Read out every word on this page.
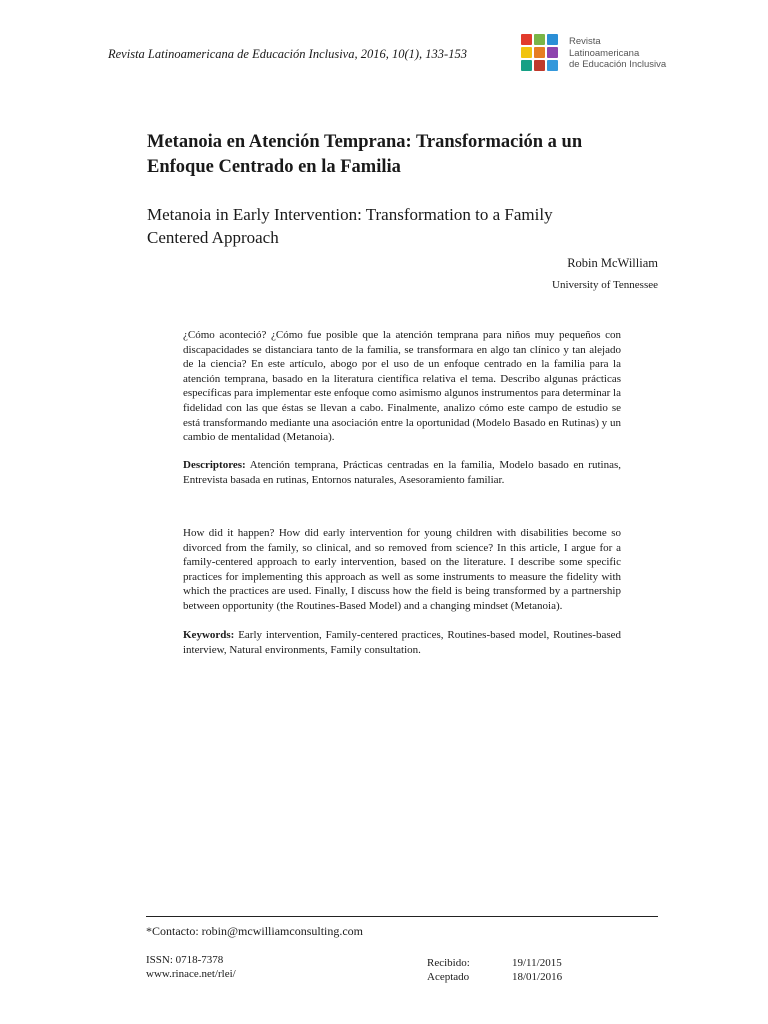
Revista Latinoamericana de Educación Inclusiva, 2016, 10(1), 133-153
Revista
Latinoamericana
de Educación Inclusiva
Metanoia en Atención Temprana: Transformación a un
Enfoque Centrado en la Familia
Metanoia in Early Intervention: Transformation to a Family
Centered Approach
Robin McWilliam
University of Tennessee

¿Cómo aconteció? ¿Cómo fue posible que la atención temprana para niños muy pequeños con discapacidades se distanciara tanto de la familia, se transformara en algo tan clínico y tan alejado de la ciencia? En este artículo, abogo por el uso de un enfoque centrado en la familia para la atención temprana, basado en la literatura científica relativa el tema. Describo algunas prácticas específicas para implementar este enfoque como asimismo algunos instrumentos para determinar la fidelidad con las que éstas se llevan a cabo. Finalmente, analizo cómo este campo de estudio se está transformando mediante una asociación entre la oportunidad (Modelo Basado en Rutinas) y un cambio de mentalidad (Metanoia).

Descriptores: Atención temprana, Prácticas centradas en la familia, Modelo basado en rutinas, Entrevista basada en rutinas, Entornos naturales, Asesoramiento familiar.

How did it happen? How did early intervention for young children with disabilities become so divorced from the family, so clinical, and so removed from science? In this article, I argue for a family-centered approach to early intervention, based on the literature. I describe some specific practices for implementing this approach as well as some instruments to measure the fidelity with which the practices are used. Finally, I discuss how the field is being transformed by a partnership between opportunity (the Routines-Based Model) and a changing mindset (Metanoia).

Keywords: Early intervention, Family-centered practices, Routines-based model, Routines-based interview, Natural environments, Family consultation.

*Contacto: robin@mcwilliamconsulting.com
ISSN: 0718-7378
www.rinace.net/rlei/
Recibido:	19/11/2015
Aceptado	18/01/2016
